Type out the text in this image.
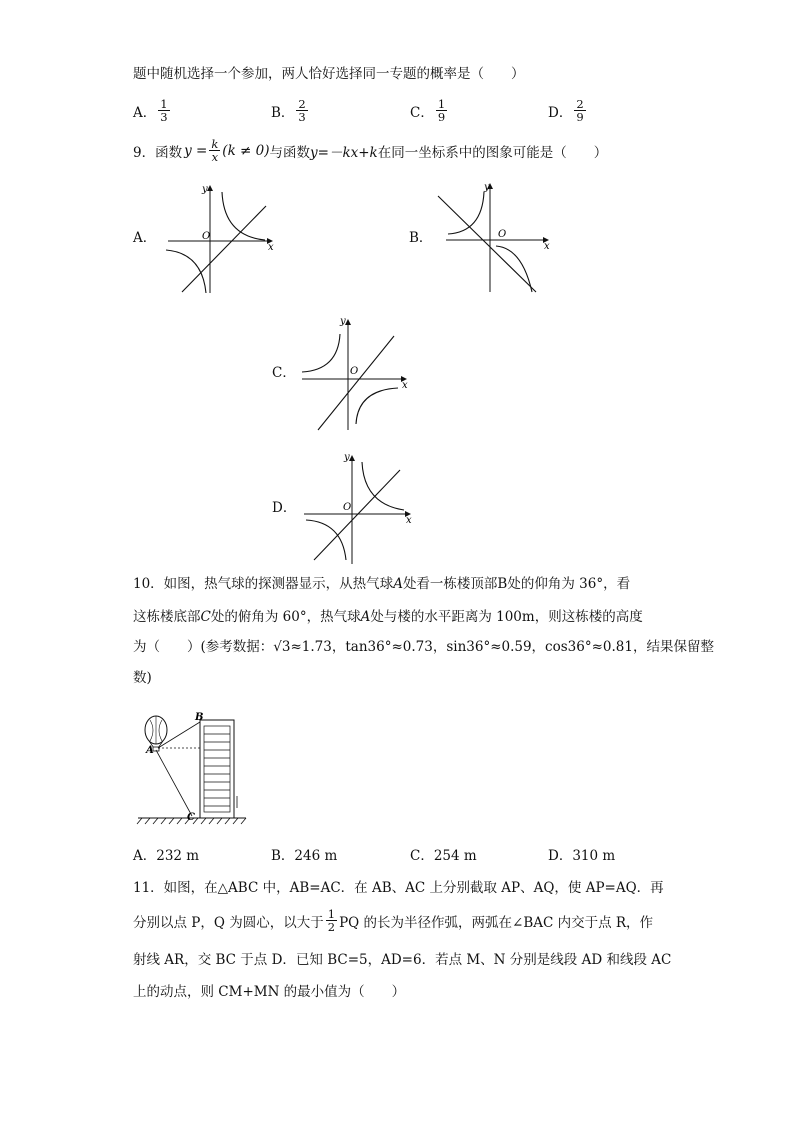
题中随机选择一个参加，两人恰好选择同一专题的概率是（　　）
A． $\frac{1}{3}$	B． $\frac{2}{3}$	C． $\frac{1}{9}$	D． $\frac{2}{9}$
9．函数 $y = \frac{k}{x} (k \ne 0)$ 与函数 y=－kx+k 在同一坐标系中的图象可能是（　　）
A．
y
x
O	B．
y
x
O
C．
y
x
O
D．
y
x
O
10．如图，热气球的探测器显示，从热气球A处看一栋楼顶部B处的仰角为 36°，看
这栋楼底部C处的俯角为 60°，热气球A处与楼的水平距离为 100m，则这栋楼的高度
为（　　）(参考数据：√3≈1.73，tan36°≈0.73，sin36°≈0.59，cos36°≈0.81，结果保留整
数)
B
A
C
A．232 m	B．246 m	C．254 m	D．310 m
11．如图，在△ABC 中，AB=AC．在 AB、AC 上分别截取 AP、AQ，使 AP=AQ．再
分别以点 P，Q 为圆心，以大于 $\frac{1}{2}$ PQ 的长为半径作弧，两弧在∠BAC 内交于点 R，作
射线 AR，交 BC 于点 D．已知 BC=5，AD=6．若点 M、N 分别是线段 AD 和线段 AC
上的动点，则 CM+MN 的最小值为（　　）
